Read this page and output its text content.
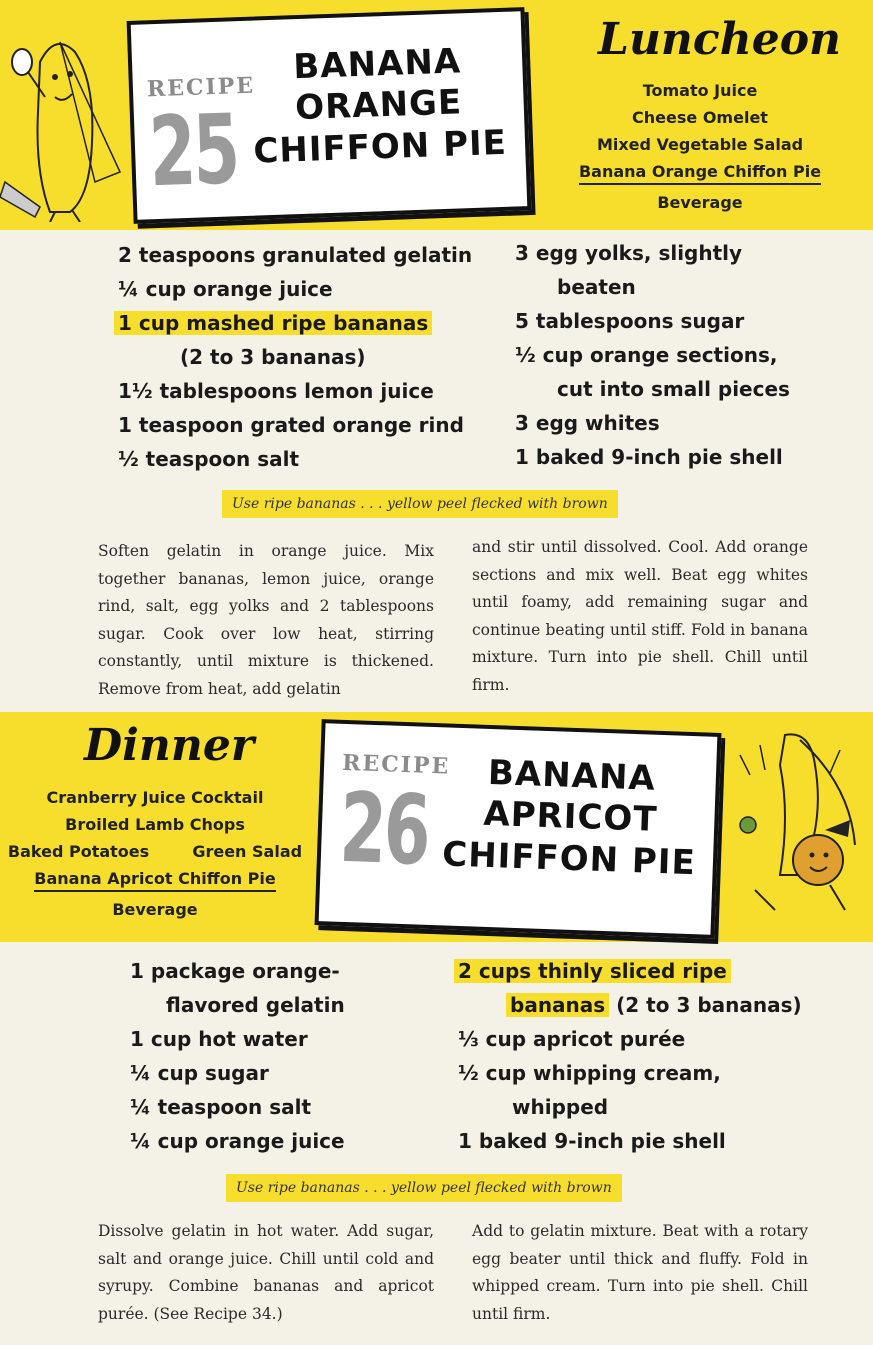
RECIPE
25
BANANA
ORANGE
CHIFFON PIE
Luncheon
Tomato Juice
Cheese Omelet
Mixed Vegetable Salad
Banana Orange Chiffon Pie
Beverage
2 teaspoons granulated gelatin
¼ cup orange juice
1 cup mashed ripe bananas
(2 to 3 bananas)
1½ tablespoons lemon juice
1 teaspoon grated orange rind
½ teaspoon salt
3 egg yolks, slightly
beaten
5 tablespoons sugar
½ cup orange sections,
cut into small pieces
3 egg whites
1 baked 9-inch pie shell
Use ripe bananas . . . yellow peel flecked with brown
Soften gelatin in orange juice. Mix together bananas, lemon juice, orange rind, salt, egg yolks and 2 tablespoons sugar. Cook over low heat, stirring constantly, until mixture is thickened. Remove from heat, add gelatin
and stir until dissolved. Cool. Add orange sections and mix well. Beat egg whites until foamy, add remaining sugar and continue beating until stiff. Fold in banana mixture. Turn into pie shell. Chill until firm.
Dinner
Cranberry Juice Cocktail
Broiled Lamb Chops
Baked Potatoes	Green Salad
Banana Apricot Chiffon Pie
Beverage
RECIPE
26	BANANA
APRICOT
CHIFFON PIE
1 package orange-
flavored gelatin
1 cup hot water
¼ cup sugar
¼ teaspoon salt
¼ cup orange juice
2 cups thinly sliced ripe
bananas (2 to 3 bananas)
⅓ cup apricot purée
½ cup whipping cream,
whipped
1 baked 9-inch pie shell
Use ripe bananas . . . yellow peel flecked with brown
Dissolve gelatin in hot water. Add sugar, salt and orange juice. Chill until cold and syrupy. Combine bananas and apricot purée. (See Recipe 34.)
Add to gelatin mixture. Beat with a rotary egg beater until thick and fluffy. Fold in whipped cream. Turn into pie shell. Chill until firm.
